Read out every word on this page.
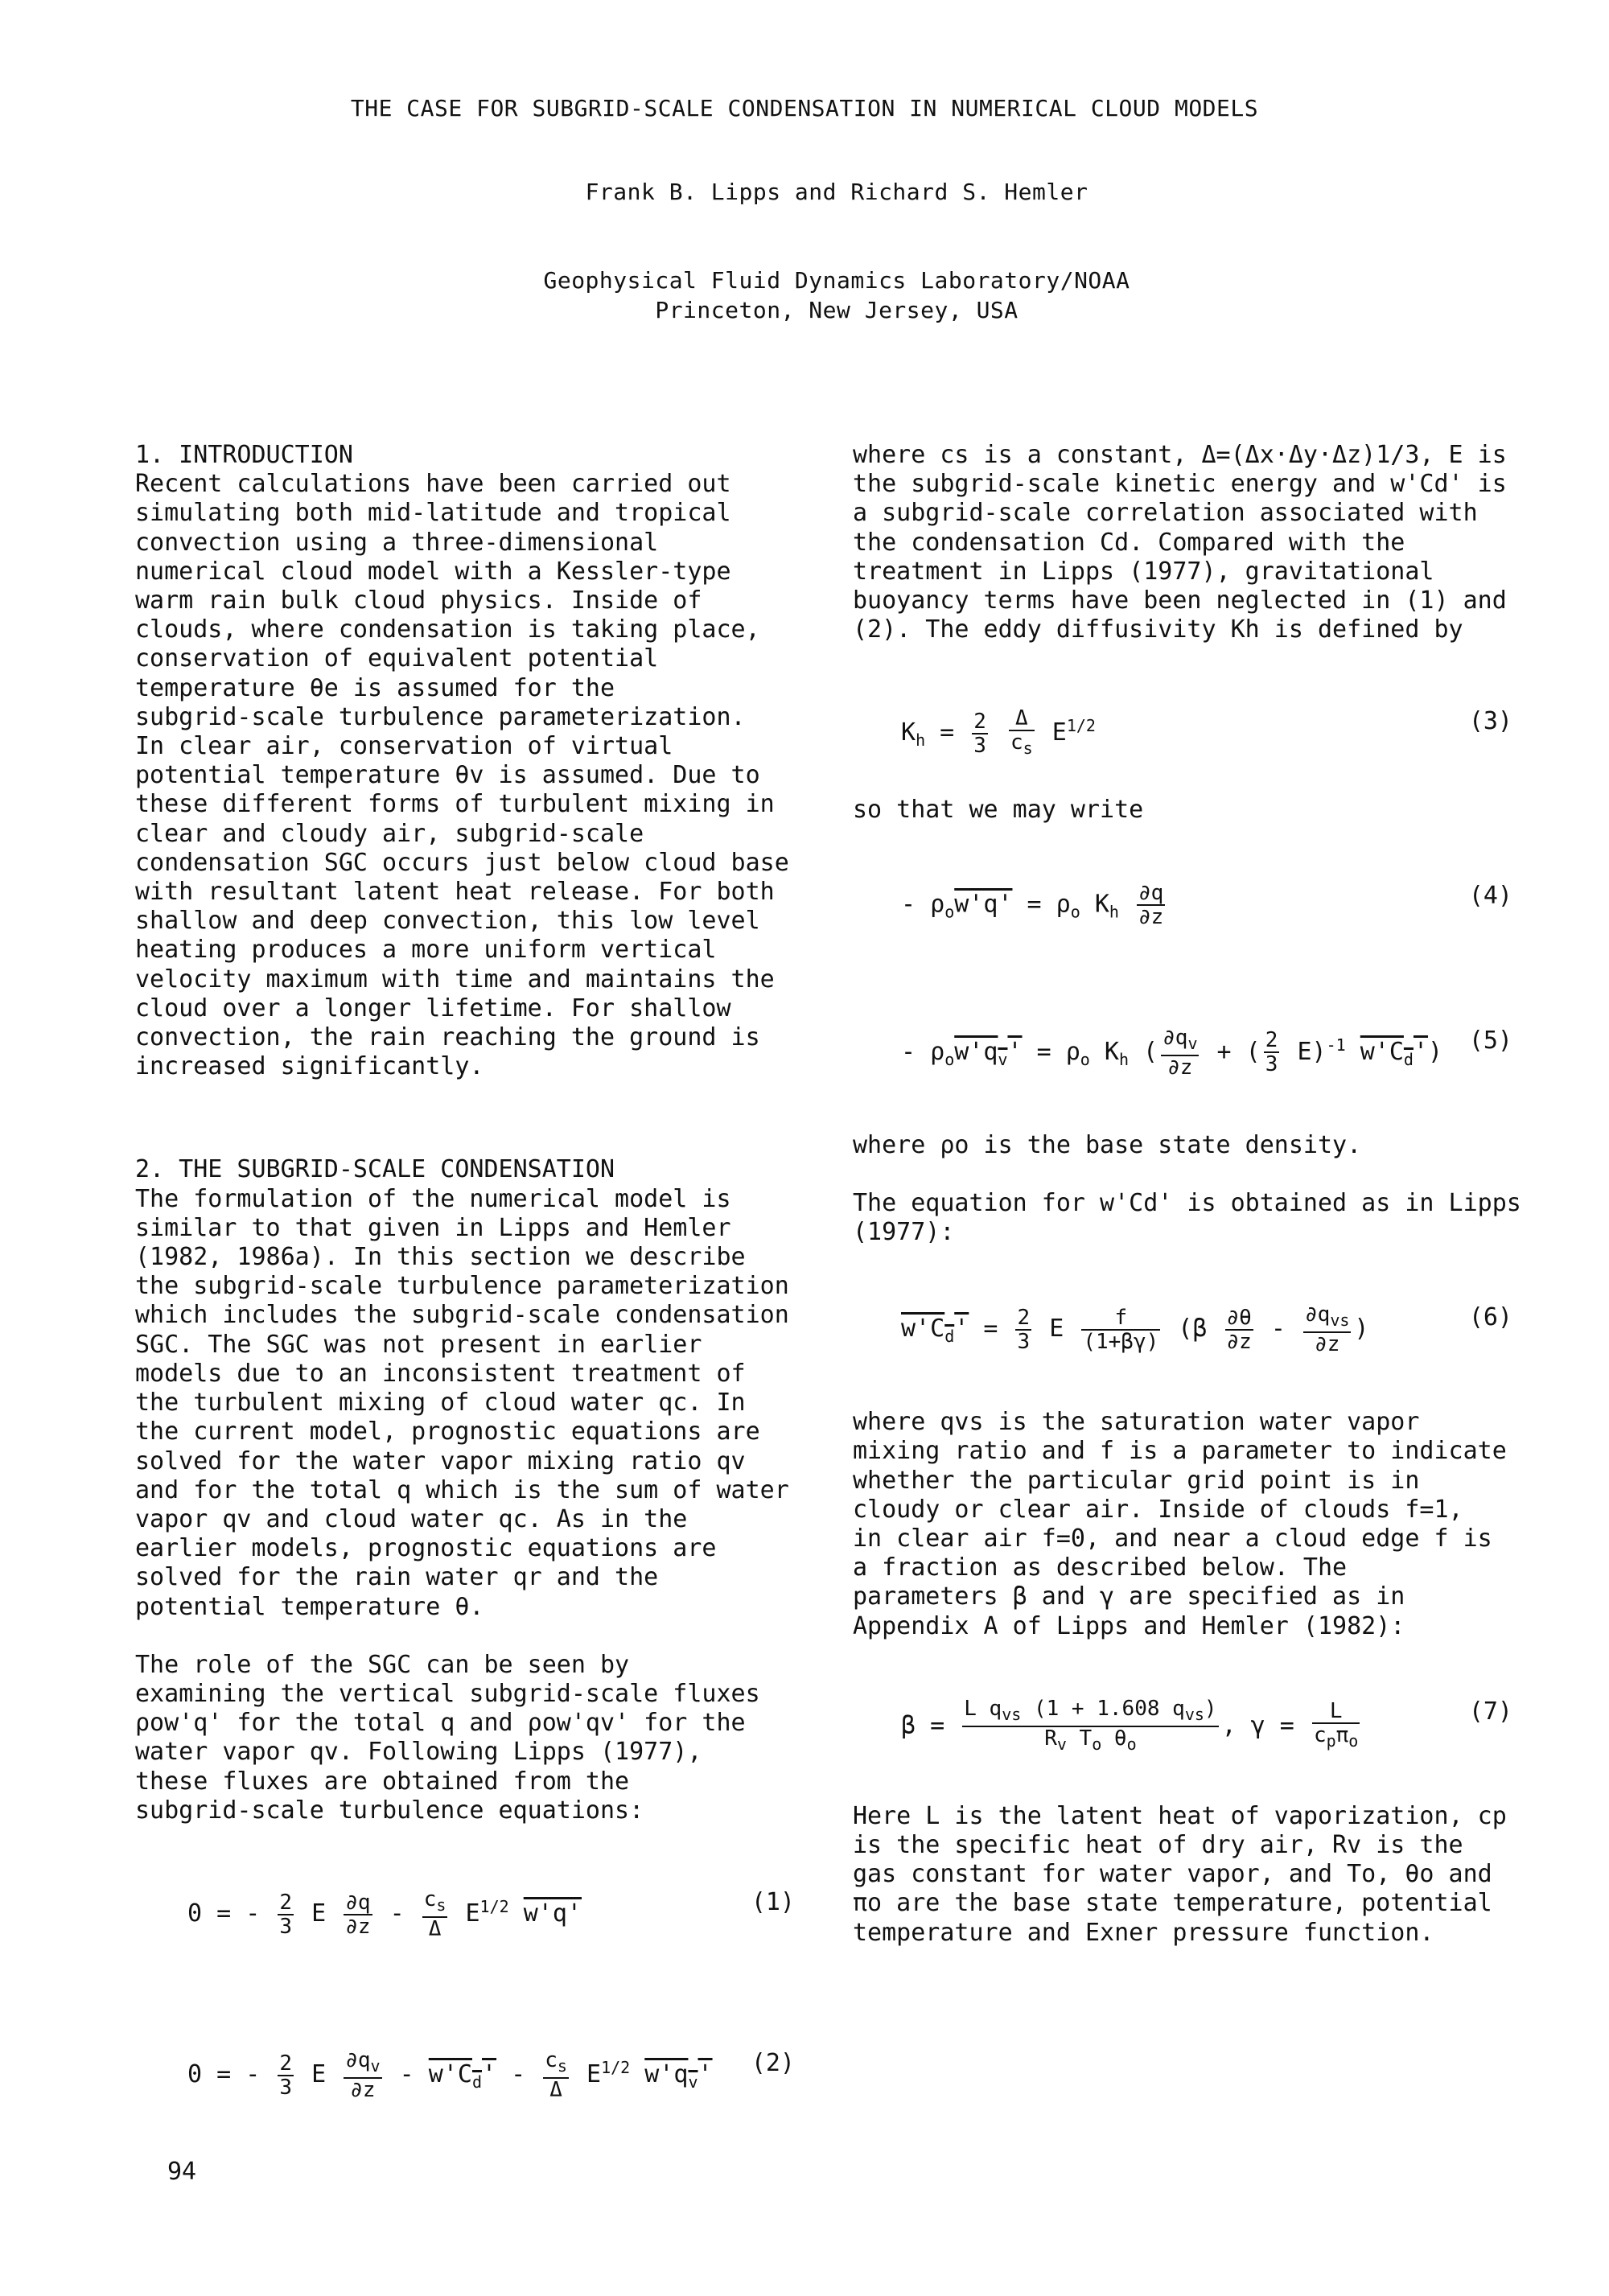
THE CASE FOR SUBGRID-SCALE CONDENSATION IN NUMERICAL CLOUD MODELS
Frank B. Lipps and Richard S. Hemler
Geophysical Fluid Dynamics Laboratory/NOAA
Princeton, New Jersey, USA
1. INTRODUCTION
Recent calculations have been carried out
simulating both mid-latitude and tropical
convection using a three-dimensional
numerical cloud model with a Kessler-type
warm rain bulk cloud physics. Inside of
clouds, where condensation is taking place,
conservation of equivalent potential
temperature θe is assumed for the
subgrid-scale turbulence parameterization.
In clear air, conservation of virtual
potential temperature θv is assumed. Due to
these different forms of turbulent mixing in
clear and cloudy air, subgrid-scale
condensation SGC occurs just below cloud base
with resultant latent heat release. For both
shallow and deep convection, this low level
heating produces a more uniform vertical
velocity maximum with time and maintains the
cloud over a longer lifetime. For shallow
convection, the rain reaching the ground is
increased significantly.
2. THE SUBGRID-SCALE CONDENSATION
The formulation of the numerical model is
similar to that given in Lipps and Hemler
(1982, 1986a). In this section we describe
the subgrid-scale turbulence parameterization
which includes the subgrid-scale condensation
SGC. The SGC was not present in earlier
models due to an inconsistent treatment of
the turbulent mixing of cloud water qc. In
the current model, prognostic equations are
solved for the water vapor mixing ratio qv
and for the total q which is the sum of water
vapor qv and cloud water qc. As in the
earlier models, prognostic equations are
solved for the rain water qr and the
potential temperature θ.
The role of the SGC can be seen by
examining the vertical subgrid-scale fluxes
ρow'q' for the total q and ρow'qv' for the
water vapor qv. Following Lipps (1977),
these fluxes are obtained from the
subgrid-scale turbulence equations:
0 = - $\frac{2}{3}$ E $\frac{\partial q}{\partial z} - \frac{c_s}{\Delta} E^{1/2}$ w'q'	(1)
0 = - $\frac{2}{3}$ E $\frac{\partial q_v}{\partial z} - w'C_d' - \frac{c_s}{\Delta} E^{1/2}$ $w'q_v'$ (2)
where cs is a constant, Δ=(Δx·Δy·Δz)1/3, E is
the subgrid-scale kinetic energy and w'Cd' is
a subgrid-scale correlation associated with
the condensation Cd. Compared with the
treatment in Lipps (1977), gravitational
buoyancy terms have been neglected in (1) and
(2). The eddy diffusivity Kh is defined by
$K_h = \frac{2}{3}$
$\frac{\Delta}{c_s} E^{1/2}$	(3)
so that we may write
- $\rho_ow'q' = \rho_o$ $K_h \frac{\partial q}{\partial z}$	(4)
- $\rho_ow'q_v' = \rho_o$ $K_h$ ( $\frac{\partial q_v}{\partial z}$ + ( $\frac{2}{3} E)^{-1}$ $w'C_d'$) (5)
where ρo is the base state density.
The equation for w'Cd' is obtained as in Lipps
(1977):
$w'C_d' = \frac{2}{3}$ E $\frac{f}{(1+\beta\gamma)} (\beta \frac{\partial\theta}{\partial z} - \frac{\partial q_{vs}}{\partial z}$ )	(6)
where qvs is the saturation water vapor
mixing ratio and f is a parameter to indicate
whether the particular grid point is in
cloudy or clear air. Inside of clouds f=1,
in clear air f=0, and near a cloud edge f is
a fraction as described below. The
parameters β and γ are specified as in
Appendix A of Lipps and Hemler (1982):
$\beta = \frac{L q_{vs} (1 + 1.608 q_{vs})}{R_v T_o \theta_o}$ , $\gamma = \frac{L}{c_p\pi_o}$	(7)
Here L is the latent heat of vaporization, cp
is the specific heat of dry air, Rv is the
gas constant for water vapor, and To, θo and
πo are the base state temperature, potential
temperature and Exner pressure function.
94
